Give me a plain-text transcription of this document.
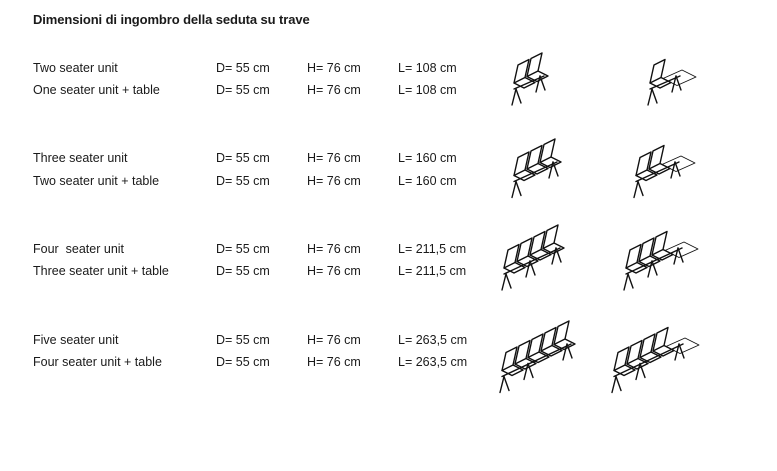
Dimensioni di ingombro della seduta su trave
Two seater unit	D= 55 cm	H= 76 cm	L= 108 cm
One seater unit + table	D= 55 cm	H= 76 cm	L= 108 cm
Three seater unit	D= 55 cm	H= 76 cm	L= 160 cm
Two seater unit + table	D= 55 cm	H= 76 cm	L= 160 cm
Four  seater unit	D= 55 cm	H= 76 cm	L= 211,5 cm
Three seater unit + table	D= 55 cm	H= 76 cm	L= 211,5 cm
Five seater unit	D= 55 cm	H= 76 cm	L= 263,5 cm
Four seater unit + table	D= 55 cm	H= 76 cm	L= 263,5 cm
